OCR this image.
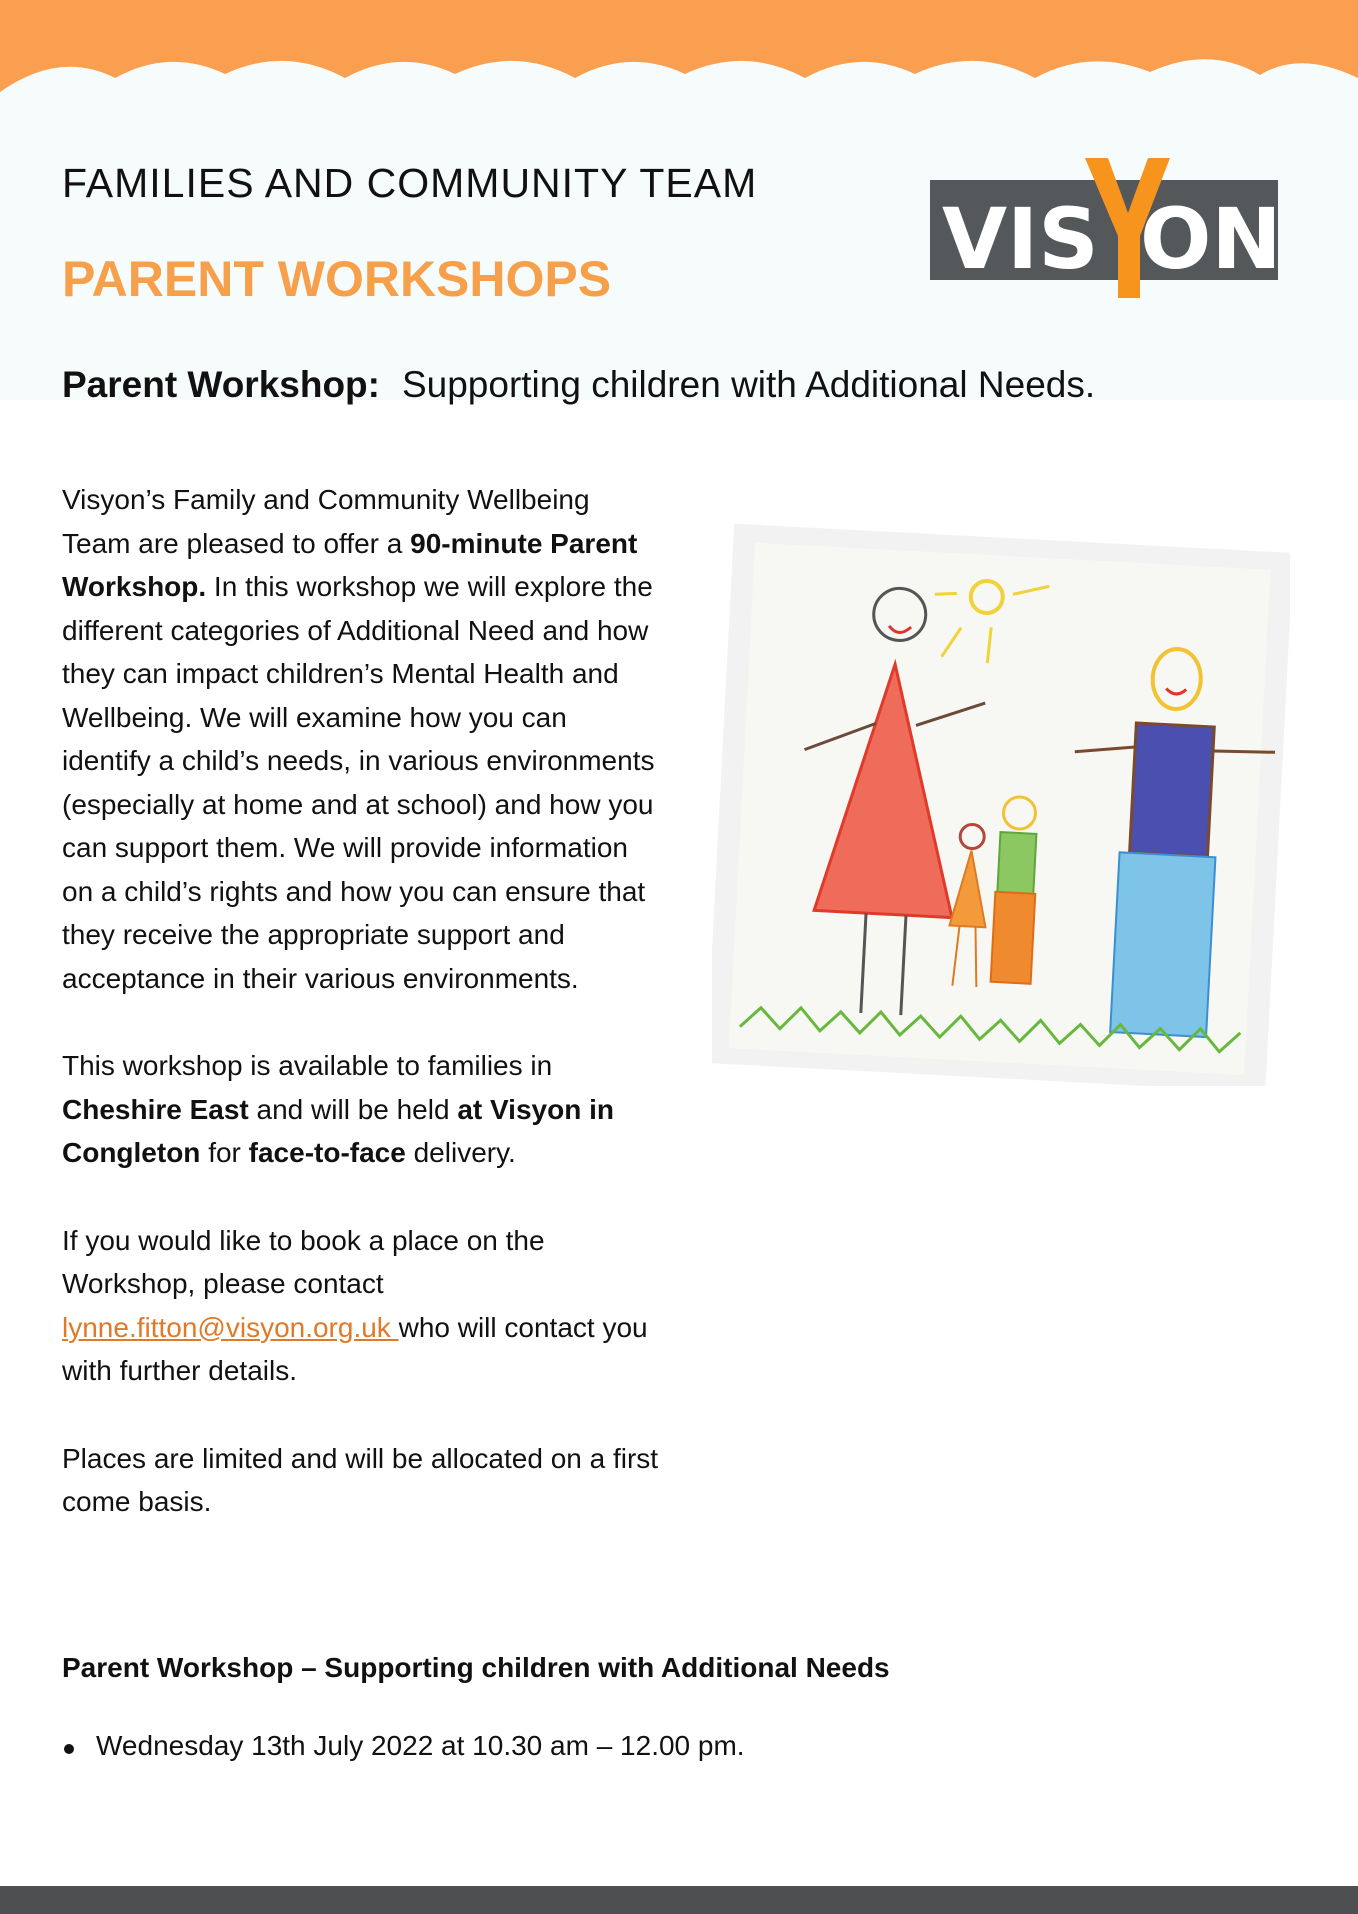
FAMILIES AND COMMUNITY TEAM
PARENT WORKSHOPS	VIS ON
Y
Parent Workshop: Supporting children with Additional Needs.

Visyon’s Family and Community Wellbeing Team are pleased to offer a 90-minute Parent Workshop. In this workshop we will explore the different categories of Additional Need and how they can impact children’s Mental Health and Wellbeing. We will examine how you can identify a child’s needs, in various environments (especially at home and at school) and how you can support them. We will provide information on a child’s rights and how you can ensure that they receive the appropriate support and acceptance in their various environments.

This workshop is available to families in Cheshire East and will be held at Visyon in Congleton for face-to-face delivery.

If you would like to book a place on the Workshop, please contact lynne.fitton@visyon.org.uk who will contact you with further details.

Places are limited and will be allocated on a first come basis.

Parent Workshop – Supporting children with Additional Needs
Wednesday 13th July 2022 at 10.30 am – 12.00 pm.
